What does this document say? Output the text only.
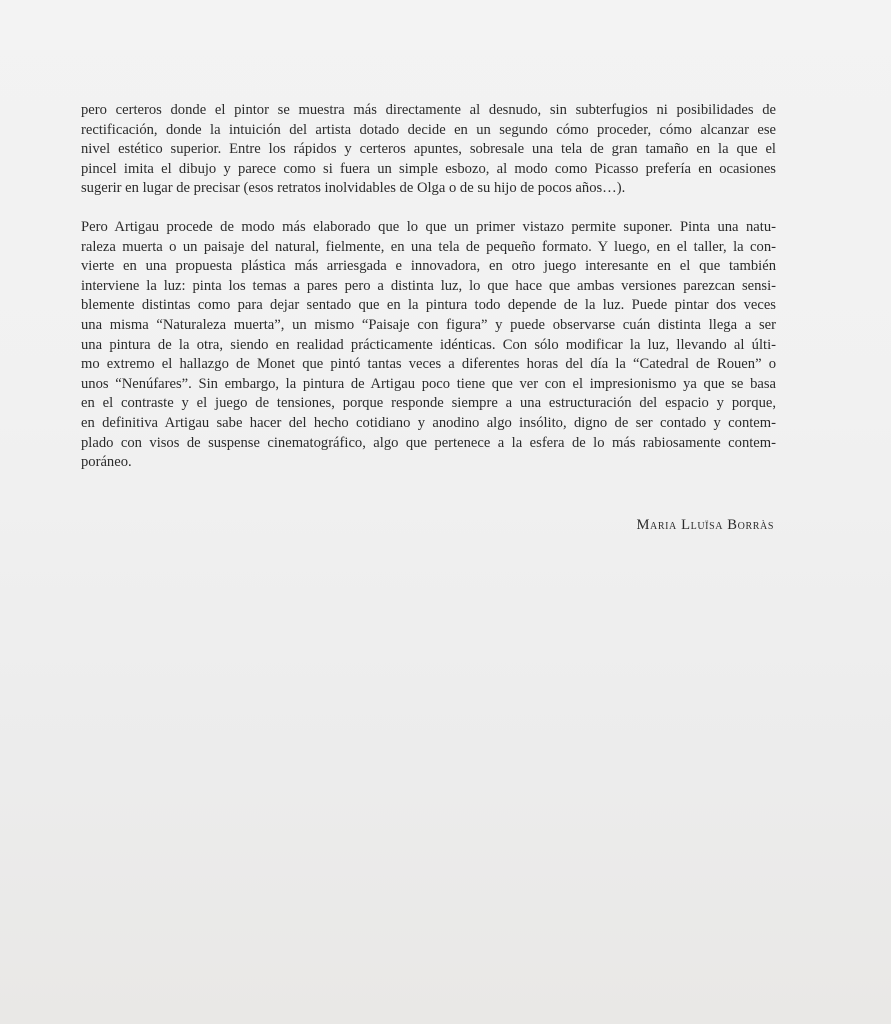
pero certeros donde el pintor se muestra más directamente al desnudo, sin subterfugios ni posibilidades de
rectificación, donde la intuición del artista dotado decide en un segundo cómo proceder, cómo alcanzar ese
nivel estético superior. Entre los rápidos y certeros apuntes, sobresale una tela de gran tamaño en la que el
pincel imita el dibujo y parece como si fuera un simple esbozo, al modo como Picasso prefería en ocasiones
sugerir en lugar de precisar (esos retratos inolvidables de Olga o de su hijo de pocos años…).

Pero Artigau procede de modo más elaborado que lo que un primer vistazo permite suponer. Pinta una natu-
raleza muerta o un paisaje del natural, fielmente, en una tela de pequeño formato. Y luego, en el taller, la con-
vierte en una propuesta plástica más arriesgada e innovadora, en otro juego interesante en el que también
interviene la luz: pinta los temas a pares pero a distinta luz, lo que hace que ambas versiones parezcan sensi-
blemente distintas como para dejar sentado que en la pintura todo depende de la luz. Puede pintar dos veces
una misma “Naturaleza muerta”, un mismo “Paisaje con figura” y puede observarse cuán distinta llega a ser
una pintura de la otra, siendo en realidad prácticamente idénticas. Con sólo modificar la luz, llevando al últi-
mo extremo el hallazgo de Monet que pintó tantas veces a diferentes horas del día la “Catedral de Rouen” o
unos “Nenúfares”. Sin embargo, la pintura de Artigau poco tiene que ver con el impresionismo ya que se basa
en el contraste y el juego de tensiones, porque responde siempre a una estructuración del espacio y porque,
en definitiva Artigau sabe hacer del hecho cotidiano y anodino algo insólito, digno de ser contado y contem-
plado con visos de suspense cinematográfico, algo que pertenece a la esfera de lo más rabiosamente contem-
poráneo.

Maria Lluïsa Borràs
